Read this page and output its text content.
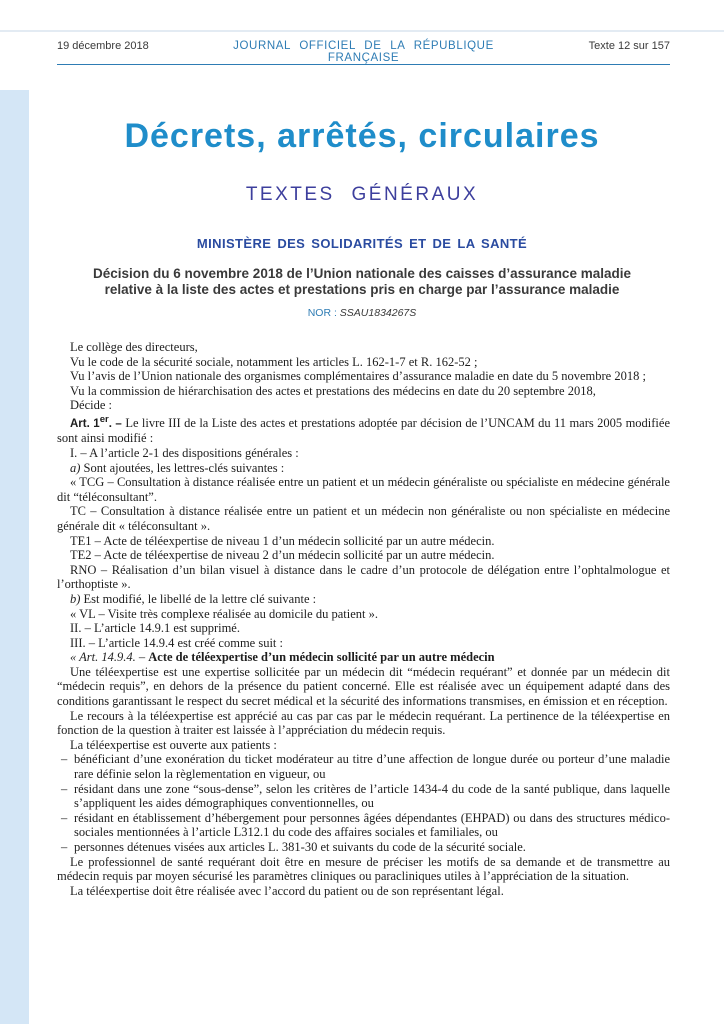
19 décembre 2018	JOURNAL OFFICIEL DE LA RÉPUBLIQUE FRANÇAISE
Texte 12 sur 157
Décrets, arrêtés, circulaires
TEXTES GÉNÉRAUX
MINISTÈRE DES SOLIDARITÉS ET DE LA SANTÉ
Décision du 6 novembre 2018 de l’Union nationale des caisses d’assurance maladie
relative à la liste des actes et prestations pris en charge par l’assurance maladie
NOR : SSAU1834267S

Le collège des directeurs,

Vu le code de la sécurité sociale, notamment les articles L. 162-1-7 et R. 162-52 ;

Vu l’avis de l’Union nationale des organismes complémentaires d’assurance maladie en date du 5 novembre 2018 ;

Vu la commission de hiérarchisation des actes et prestations des médecins en date du 20 septembre 2018,

Décide :

Art. 1er. – Le livre III de la Liste des actes et prestations adoptée par décision de l’UNCAM du 11 mars 2005 modifiée sont ainsi modifié :

I. – A l’article 2-1 des dispositions générales :

a) Sont ajoutées, les lettres-clés suivantes :

« TCG – Consultation à distance réalisée entre un patient et un médecin généraliste ou spécialiste en médecine générale dit “téléconsultant”.

TC – Consultation à distance réalisée entre un patient et un médecin non généraliste ou non spécialiste en médecine générale dit « téléconsultant ».

TE1 – Acte de téléexpertise de niveau 1 d’un médecin sollicité par un autre médecin.

TE2 – Acte de téléexpertise de niveau 2 d’un médecin sollicité par un autre médecin.

RNO – Réalisation d’un bilan visuel à distance dans le cadre d’un protocole de délégation entre l’ophtalmologue et l’orthoptiste ».

b) Est modifié, le libellé de la lettre clé suivante :

« VL – Visite très complexe réalisée au domicile du patient ».

II. – L’article 14.9.1 est supprimé.

III. – L’article 14.9.4 est créé comme suit :

« Art. 14.9.4. – Acte de téléexpertise d’un médecin sollicité par un autre médecin

Une téléexpertise est une expertise sollicitée par un médecin dit “médecin requérant” et donnée par un médecin dit “médecin requis”, en dehors de la présence du patient concerné. Elle est réalisée avec un équipement adapté dans des conditions garantissant le respect du secret médical et la sécurité des informations transmises, en émission et en réception.

Le recours à la téléexpertise est apprécié au cas par cas par le médecin requérant. La pertinence de la téléexpertise en fonction de la question à traiter est laissée à l’appréciation du médecin requis.

La téléexpertise est ouverte aux patients :

– bénéficiant d’une exonération du ticket modérateur au titre d’une affection de longue durée ou porteur d’une maladie rare définie selon la règlementation en vigueur, ou

– résidant dans une zone “sous-dense”, selon les critères de l’article 1434-4 du code de la santé publique, dans laquelle s’appliquent les aides démographiques conventionnelles, ou

– résidant en établissement d’hébergement pour personnes âgées dépendantes (EHPAD) ou dans des structures médico-sociales mentionnées à l’article L312.1 du code des affaires sociales et familiales, ou

– personnes détenues visées aux articles L. 381-30 et suivants du code de la sécurité sociale.

Le professionnel de santé requérant doit être en mesure de préciser les motifs de sa demande et de transmettre au médecin requis par moyen sécurisé les paramètres cliniques ou paracliniques utiles à l’appréciation de la situation.

La téléexpertise doit être réalisée avec l’accord du patient ou de son représentant légal.
